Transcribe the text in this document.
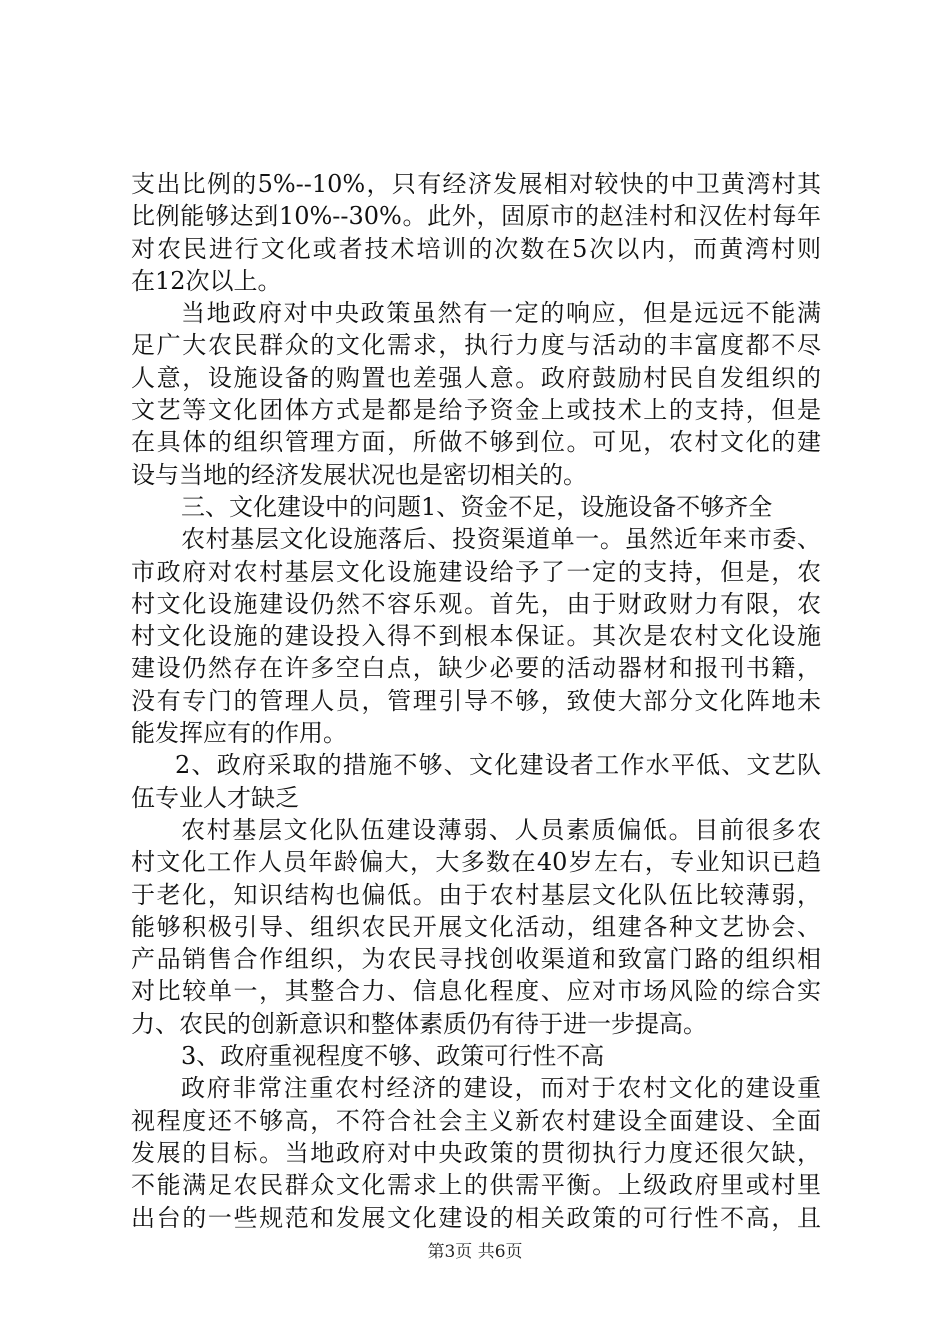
支出比例的5%--10%，只有经济发展相对较快的中卫黄湾村其
比例能够达到10%--30%。此外，固原市的赵洼村和汉佐村每年
对农民进行文化或者技术培训的次数在5次以内，而黄湾村则
在12次以上。
当地政府对中央政策虽然有一定的响应，但是远远不能满
足广大农民群众的文化需求，执行力度与活动的丰富度都不尽
人意，设施设备的购置也差强人意。政府鼓励村民自发组织的
文艺等文化团体方式是都是给予资金上或技术上的支持，但是
在具体的组织管理方面，所做不够到位。可见，农村文化的建
设与当地的经济发展状况也是密切相关的。
三、文化建设中的问题1、资金不足，设施设备不够齐全
农村基层文化设施落后、投资渠道单一。虽然近年来市委、
市政府对农村基层文化设施建设给予了一定的支持，但是，农
村文化设施建设仍然不容乐观。首先，由于财政财力有限，农
村文化设施的建设投入得不到根本保证。其次是农村文化设施
建设仍然存在许多空白点，缺少必要的活动器材和报刊书籍，
没有专门的管理人员，管理引导不够，致使大部分文化阵地未
能发挥应有的作用。
2、政府采取的措施不够、文化建设者工作水平低、文艺队
伍专业人才缺乏
农村基层文化队伍建设薄弱、人员素质偏低。目前很多农
村文化工作人员年龄偏大，大多数在40岁左右，专业知识已趋
于老化，知识结构也偏低。由于农村基层文化队伍比较薄弱，
能够积极引导、组织农民开展文化活动，组建各种文艺协会、
产品销售合作组织，为农民寻找创收渠道和致富门路的组织相
对比较单一，其整合力、信息化程度、应对市场风险的综合实
力、农民的创新意识和整体素质仍有待于进一步提高。
3、政府重视程度不够、政策可行性不高
政府非常注重农村经济的建设，而对于农村文化的建设重
视程度还不够高，不符合社会主义新农村建设全面建设、全面
发展的目标。当地政府对中央政策的贯彻执行力度还很欠缺，
不能满足农民群众文化需求上的供需平衡。上级政府里或村里
出台的一些规范和发展文化建设的相关政策的可行性不高，且
第3页 共6页
